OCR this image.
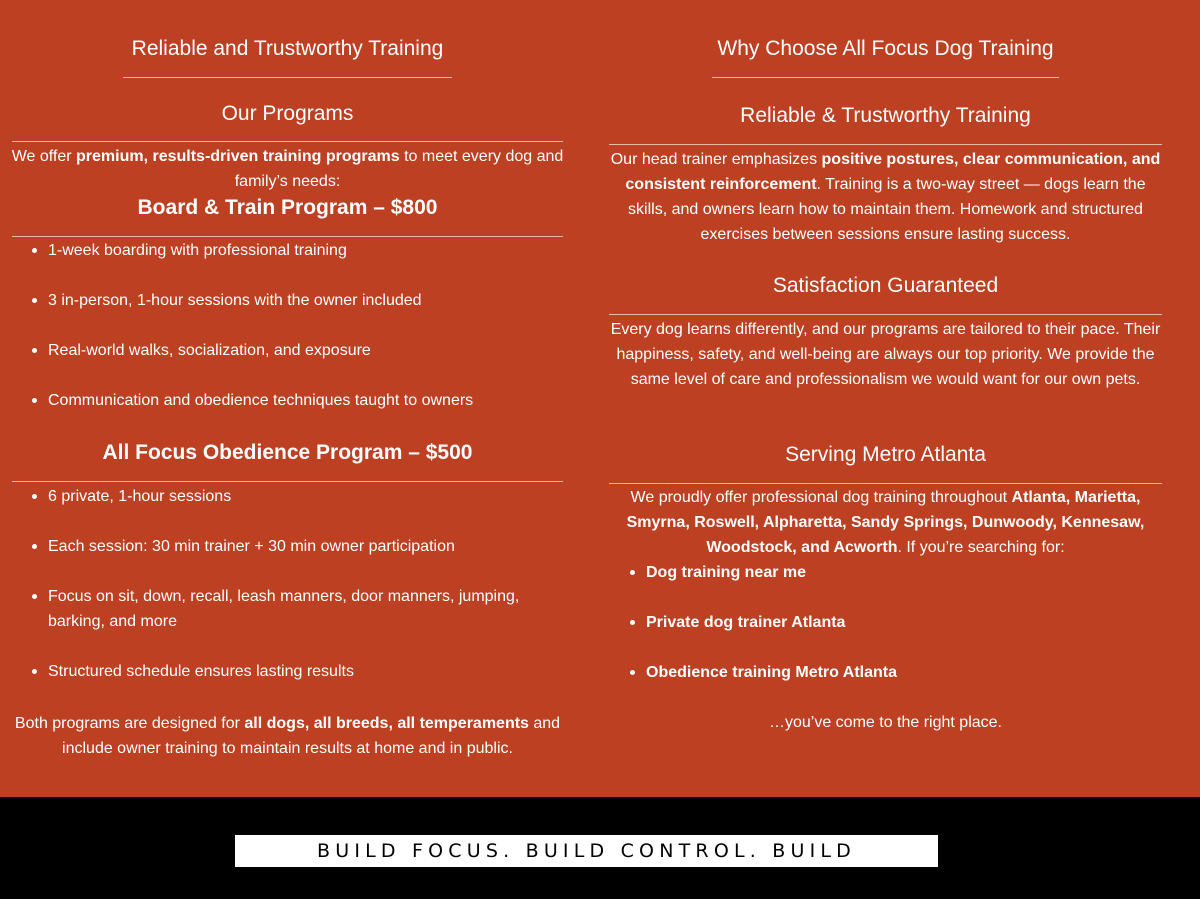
Reliable and Trustworthy Training
Our Programs
We offer premium, results-driven training programs to meet every dog and family’s needs:
Board & Train Program – $800
1-week boarding with professional training
3 in-person, 1-hour sessions with the owner included
Real-world walks, socialization, and exposure
Communication and obedience techniques taught to owners
All Focus Obedience Program – $500
6 private, 1-hour sessions
Each session: 30 min trainer + 30 min owner participation
Focus on sit, down, recall, leash manners, door manners, jumping, barking, and more
Structured schedule ensures lasting results
Both programs are designed for all dogs, all breeds, all temperaments and include owner training to maintain results at home and in public.
Why Choose All Focus Dog Training
Reliable & Trustworthy Training
Our head trainer emphasizes positive postures, clear communication, and consistent reinforcement. Training is a two-way street — dogs learn the skills, and owners learn how to maintain them. Homework and structured exercises between sessions ensure lasting success.
Satisfaction Guaranteed
Every dog learns differently, and our programs are tailored to their pace. Their happiness, safety, and well-being are always our top priority. We provide the same level of care and professionalism we would want for our own pets.
Serving Metro Atlanta
We proudly offer professional dog training throughout Atlanta, Marietta, Smyrna, Roswell, Alpharetta, Sandy Springs, Dunwoody, Kennesaw, Woodstock, and Acworth. If you’re searching for:
Dog training near me
Private dog trainer Atlanta
Obedience training Metro Atlanta
…you’ve come to the right place.
BUILD FOCUS. BUILD CONTROL. BUILD CONFIDENCE.
